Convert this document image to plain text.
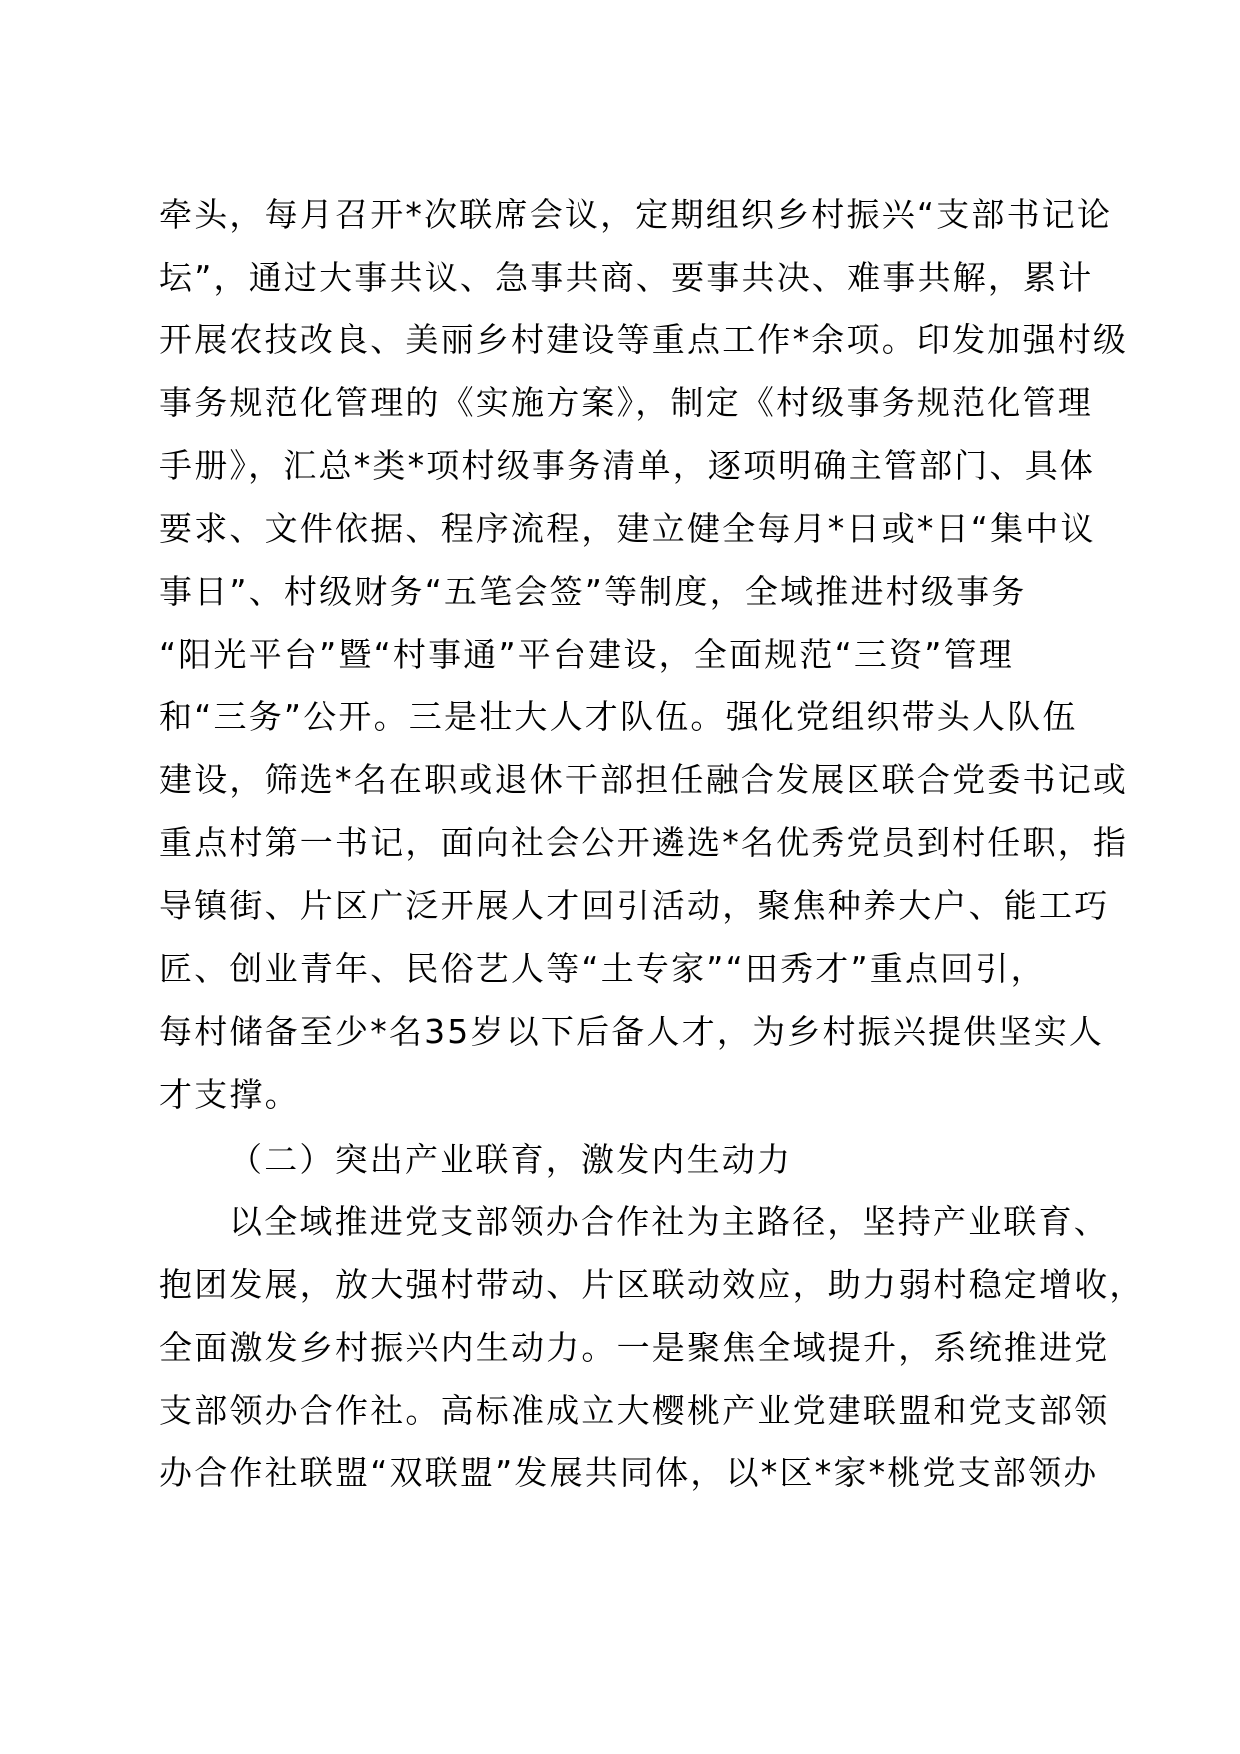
牵头，每月召开*次联席会议，定期组织乡村振兴“支部书记论
坛”，通过大事共议、急事共商、要事共决、难事共解，累计
开展农技改良、美丽乡村建设等重点工作*余项。印发加强村级
事务规范化管理的《实施方案》，制定《村级事务规范化管理
手册》，汇总*类*项村级事务清单，逐项明确主管部门、具体
要求、文件依据、程序流程，建立健全每月*日或*日“集中议
事日”、村级财务“五笔会签”等制度，全域推进村级事务
“阳光平台”暨“村事通”平台建设，全面规范“三资”管理
和“三务”公开。三是壮大人才队伍。强化党组织带头人队伍
建设，筛选*名在职或退休干部担任融合发展区联合党委书记或
重点村第一书记，面向社会公开遴选*名优秀党员到村任职，指
导镇街、片区广泛开展人才回引活动，聚焦种养大户、能工巧
匠、创业青年、民俗艺人等“土专家”“田秀才”重点回引，
每村储备至少*名35岁以下后备人才，为乡村振兴提供坚实人
才支撑。
（二）突出产业联育，激发内生动力
以全域推进党支部领办合作社为主路径，坚持产业联育、
抱团发展，放大强村带动、片区联动效应，助力弱村稳定增收，
全面激发乡村振兴内生动力。一是聚焦全域提升，系统推进党
支部领办合作社。高标准成立大樱桃产业党建联盟和党支部领
办合作社联盟“双联盟”发展共同体，以*区*家*桃党支部领办
